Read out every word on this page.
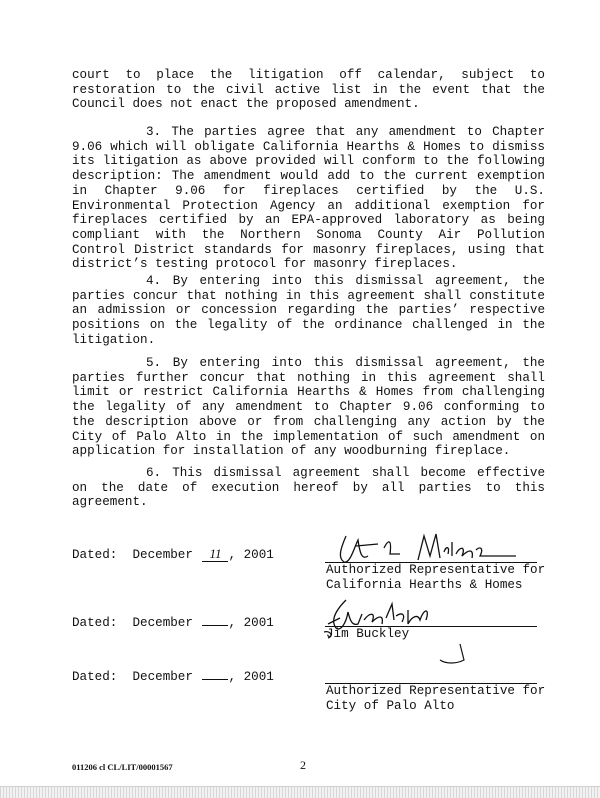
court to place the litigation off calendar, subject to restoration to the civil active list in the event that the Council does not enact the proposed amendment.

3. The parties agree that any amendment to Chapter 9.06 which will obligate California Hearths & Homes to dismiss its litigation as above provided will conform to the following description: The amendment would add to the current exemption in Chapter 9.06 for fireplaces certified by the U.S. Environmental Protection Agency an additional exemption for fireplaces certified by an EPA-approved laboratory as being compliant with the Northern Sonoma County Air Pollution Control District standards for masonry fireplaces, using that district’s testing protocol for masonry fireplaces.

4. By entering into this dismissal agreement, the parties concur that nothing in this agreement shall constitute an admission or concession regarding the parties’ respective positions on the legality of the ordinance challenged in the litigation.

5. By entering into this dismissal agreement, the parties further concur that nothing in this agreement shall limit or restrict California Hearths & Homes from challenging the legality of any amendment to Chapter 9.06 conforming to the description above or from challenging any action by the City of Palo Alto in the implementation of such amendment on application for installation of any woodburning fireplace.

6. This dismissal agreement shall become effective on the date of execution hereof by all parties to this agreement.

Dated:  December 11 , 2001
Authorized Representative for
California Hearths & Homes
Dated:  December , 2001
Jim Buckley
Dated:  December , 2001
Authorized Representative for
City of Palo Alto
011206 cl CL/LIT/00001567	2
